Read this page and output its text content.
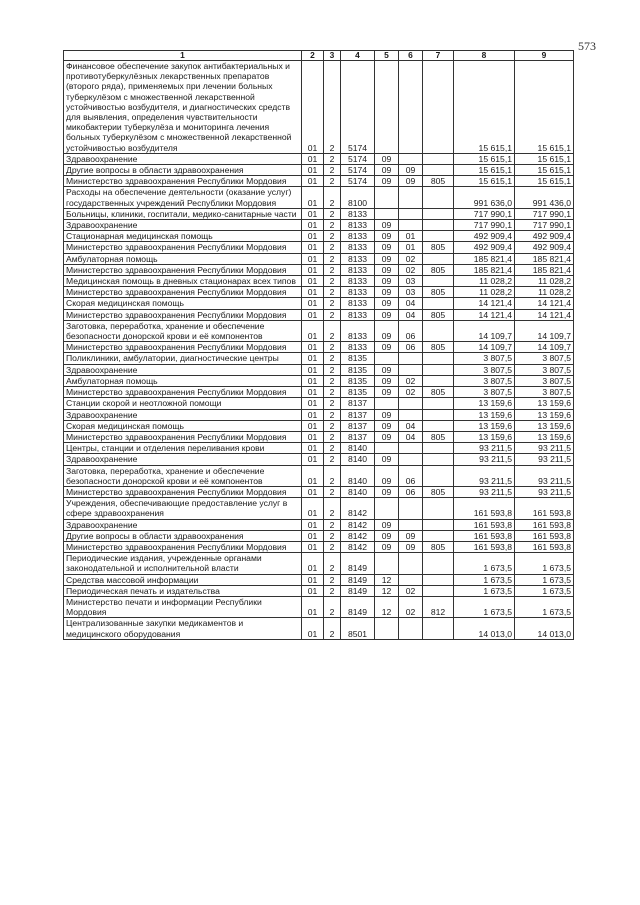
573
1	2	3	4	5	6	7	8	9
Финансовое обеспечение закупок антибактериальных и противотуберкулёзных лекарственных препаратов (второго ряда), применяемых при лечении больных туберкулёзом с множественной лекарственной устойчивостью возбудителя, и диагностических средств для выявления, определения чувствительности микобактерии туберкулёза и мониторинга лечения больных туберкулёзом с множественной лекарственной устойчивостью возбудителя	01	2	5174				15 615,1	15 615,1
Здравоохранение	01	2	5174	09			15 615,1	15 615,1
Другие вопросы в области здравоохранения	01	2	5174	09	09		15 615,1	15 615,1
Министерство здравоохранения Республики Мордовия	01	2	5174	09	09	805	15 615,1	15 615,1
Расходы на обеспечение деятельности (оказание услуг) государственных учреждений Республики Мордовия	01	2	8100				991 636,0	991 436,0
Больницы, клиники, госпитали, медико-санитарные части	01	2	8133				717 990,1	717 990,1
Здравоохранение	01	2	8133	09			717 990,1	717 990,1
Стационарная медицинская помощь	01	2	8133	09	01		492 909,4	492 909,4
Министерство здравоохранения Республики Мордовия	01	2	8133	09	01	805	492 909,4	492 909,4
Амбулаторная помощь	01	2	8133	09	02		185 821,4	185 821,4
Министерство здравоохранения Республики Мордовия	01	2	8133	09	02	805	185 821,4	185 821,4
Медицинская помощь в дневных стационарах всех типов	01	2	8133	09	03		11 028,2	11 028,2
Министерство здравоохранения Республики Мордовия	01	2	8133	09	03	805	11 028,2	11 028,2
Скорая медицинская помощь	01	2	8133	09	04		14 121,4	14 121,4
Министерство здравоохранения Республики Мордовия	01	2	8133	09	04	805	14 121,4	14 121,4
Заготовка, переработка, хранение и обеспечение безопасности донорской крови и её компонентов	01	2	8133	09	06		14 109,7	14 109,7
Министерство здравоохранения Республики Мордовия	01	2	8133	09	06	805	14 109,7	14 109,7
Поликлиники, амбулатории, диагностические центры	01	2	8135				3 807,5	3 807,5
Здравоохранение	01	2	8135	09			3 807,5	3 807,5
Амбулаторная помощь	01	2	8135	09	02		3 807,5	3 807,5
Министерство здравоохранения Республики Мордовия	01	2	8135	09	02	805	3 807,5	3 807,5
Станции скорой и неотложной помощи	01	2	8137				13 159,6	13 159,6
Здравоохранение	01	2	8137	09			13 159,6	13 159,6
Скорая медицинская помощь	01	2	8137	09	04		13 159,6	13 159,6
Министерство здравоохранения Республики Мордовия	01	2	8137	09	04	805	13 159,6	13 159,6
Центры, станции и отделения переливания крови	01	2	8140				93 211,5	93 211,5
Здравоохранение	01	2	8140	09			93 211,5	93 211,5
Заготовка, переработка, хранение и обеспечение безопасности донорской крови и её компонентов	01	2	8140	09	06		93 211,5	93 211,5
Министерство здравоохранения Республики Мордовия	01	2	8140	09	06	805	93 211,5	93 211,5
Учреждения, обеспечивающие предоставление услуг в сфере здравоохранения	01	2	8142				161 593,8	161 593,8
Здравоохранение	01	2	8142	09			161 593,8	161 593,8
Другие вопросы в области здравоохранения	01	2	8142	09	09		161 593,8	161 593,8
Министерство здравоохранения Республики Мордовия	01	2	8142	09	09	805	161 593,8	161 593,8
Периодические издания, учрежденные органами законодательной и исполнительной власти	01	2	8149				1 673,5	1 673,5
Средства массовой информации	01	2	8149	12			1 673,5	1 673,5
Периодическая печать и издательства	01	2	8149	12	02		1 673,5	1 673,5
Министерство печати и информации Республики Мордовия	01	2	8149	12	02	812	1 673,5	1 673,5
Централизованные закупки медикаментов и медицинского оборудования	01	2	8501				14 013,0	14 013,0
